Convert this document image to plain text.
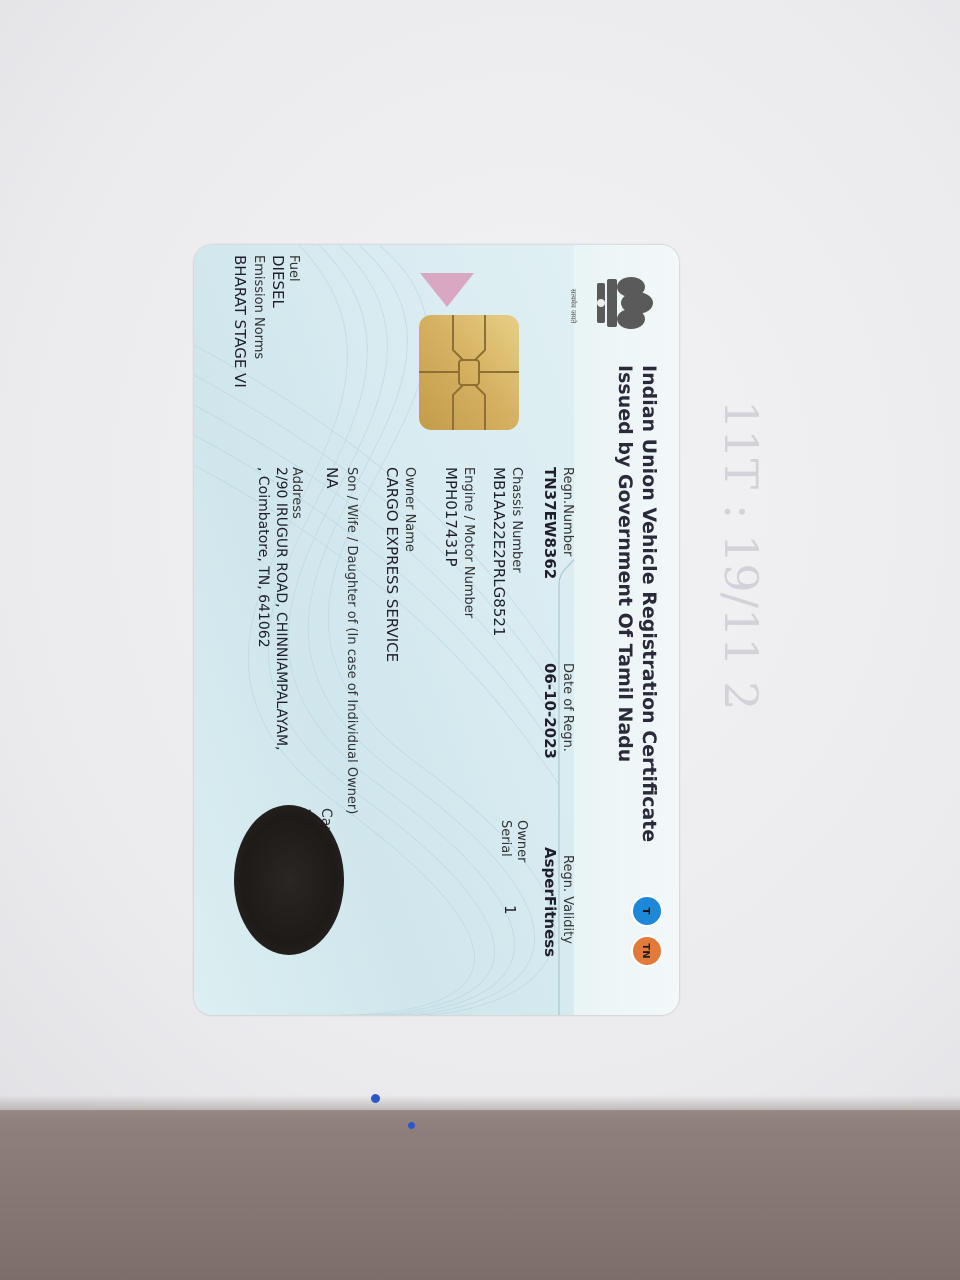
11T : 19/11 2
सत्यमेव जयते
Indian Union Vehicle Registration Certificate
Issued by Government Of Tamil Nadu
T
TN
Regn.Number
TN37EW8362
Date of Regn.
06-10-2023
Regn. Validity
AsperFitness
Chassis Number
MB1AA22E2PRLG8521
Owner
Serial
1
Engine / Motor Number
MPH017431P
Owner Name
CARGO EXPRESS SERVICE
Son / Wife / Daughter of (In case of Individual Owner)
NA
Address
2/90 IRUGUR ROAD, CHINNIAMPALAYAM,
, Coimbatore, TN, 641062
Fuel
DIESEL
Emission Norms
BHARAT STAGE VI
